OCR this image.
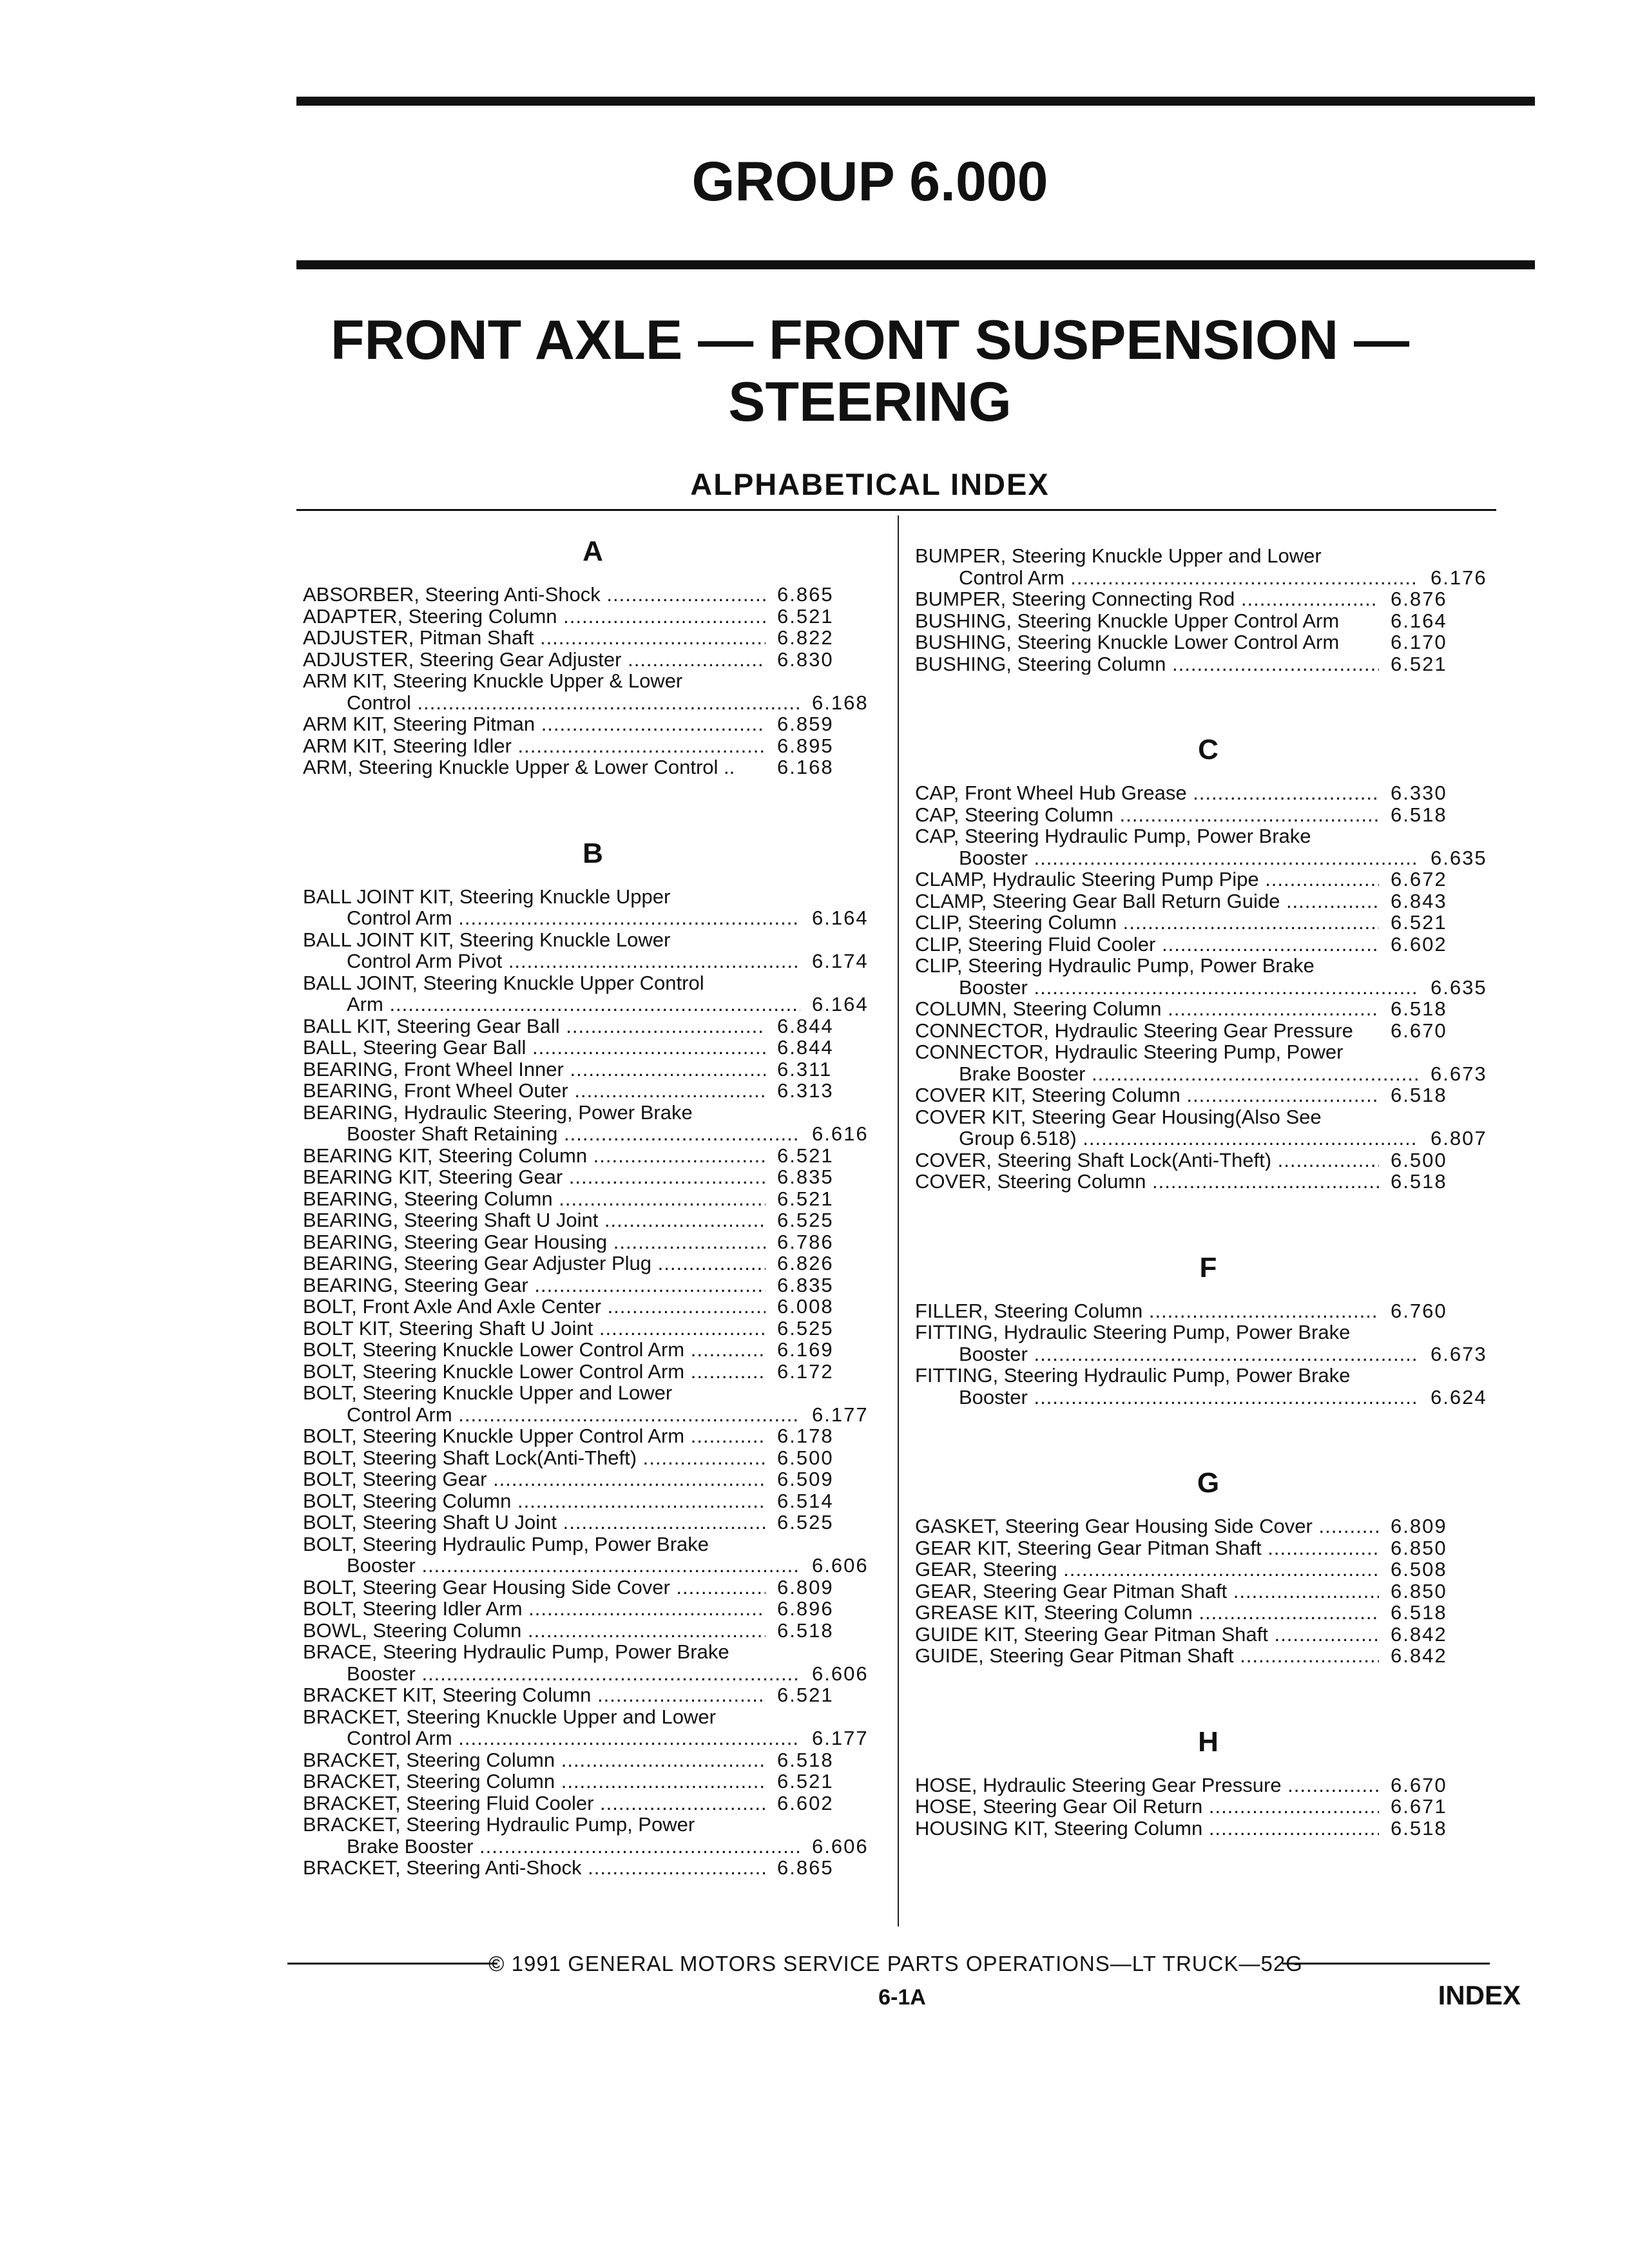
GROUP 6.000
FRONT AXLE — FRONT SUSPENSION —
STEERING
ALPHABETICAL INDEX
A
ABSORBER, Steering Anti-Shock .....	6.865
ADAPTER, Steering Column .....	6.521
ADJUSTER, Pitman Shaft .....	6.822
ADJUSTER, Steering Gear Adjuster .....	6.830
ARM KIT, Steering Knuckle Upper & Lower
Control .....	6.168
ARM KIT, Steering Pitman .....	6.859
ARM KIT, Steering Idler .....	6.895
ARM, Steering Knuckle Upper & Lower Control ..	6.168
B
BALL JOINT KIT, Steering Knuckle Upper
Control Arm .....	6.164
BALL JOINT KIT, Steering Knuckle Lower
Control Arm Pivot .....	6.174
BALL JOINT, Steering Knuckle Upper Control
Arm .....	6.164
BALL KIT, Steering Gear Ball .....	6.844
BALL, Steering Gear Ball .....	6.844
BEARING, Front Wheel Inner .....	6.311
BEARING, Front Wheel Outer .....	6.313
BEARING, Hydraulic Steering, Power Brake
Booster Shaft Retaining .....	6.616
BEARING KIT, Steering Column .....	6.521
BEARING KIT, Steering Gear .....	6.835
BEARING, Steering Column .....	6.521
BEARING, Steering Shaft U Joint .....	6.525
BEARING, Steering Gear Housing .....	6.786
BEARING, Steering Gear Adjuster Plug .....	6.826
BEARING, Steering Gear .....	6.835
BOLT, Front Axle And Axle Center .....	6.008
BOLT KIT, Steering Shaft U Joint .....	6.525
BOLT, Steering Knuckle Lower Control Arm .....	6.169
BOLT, Steering Knuckle Lower Control Arm .....	6.172
BOLT, Steering Knuckle Upper and Lower
Control Arm .....	6.177
BOLT, Steering Knuckle Upper Control Arm .....	6.178
BOLT, Steering Shaft Lock(Anti-Theft) .....	6.500
BOLT, Steering Gear .....	6.509
BOLT, Steering Column .....	6.514
BOLT, Steering Shaft U Joint .....	6.525
BOLT, Steering Hydraulic Pump, Power Brake
Booster .....	6.606
BOLT, Steering Gear Housing Side Cover .....	6.809
BOLT, Steering Idler Arm .....	6.896
BOWL, Steering Column .....	6.518
BRACE, Steering Hydraulic Pump, Power Brake
Booster .....	6.606
BRACKET KIT, Steering Column .....	6.521
BRACKET, Steering Knuckle Upper and Lower
Control Arm .....	6.177
BRACKET, Steering Column .....	6.518
BRACKET, Steering Column .....	6.521
BRACKET, Steering Fluid Cooler .....	6.602
BRACKET, Steering Hydraulic Pump, Power
Brake Booster .....	6.606
BRACKET, Steering Anti-Shock .....	6.865
BUMPER, Steering Knuckle Upper and Lower
Control Arm .....	6.176
BUMPER, Steering Connecting Rod .....	6.876
BUSHING, Steering Knuckle Upper Control Arm	6.164
BUSHING, Steering Knuckle Lower Control Arm	6.170
BUSHING, Steering Column .....	6.521
C
CAP, Front Wheel Hub Grease .....	6.330
CAP, Steering Column .....	6.518
CAP, Steering Hydraulic Pump, Power Brake
Booster .....	6.635
CLAMP, Hydraulic Steering Pump Pipe .....	6.672
CLAMP, Steering Gear Ball Return Guide .....	6.843
CLIP, Steering Column .....	6.521
CLIP, Steering Fluid Cooler .....	6.602
CLIP, Steering Hydraulic Pump, Power Brake
Booster .....	6.635
COLUMN, Steering Column .....	6.518
CONNECTOR, Hydraulic Steering Gear Pressure	6.670
CONNECTOR, Hydraulic Steering Pump, Power
Brake Booster .....	6.673
COVER KIT, Steering Column .....	6.518
COVER KIT, Steering Gear Housing(Also See
Group 6.518) .....	6.807
COVER, Steering Shaft Lock(Anti-Theft) .....	6.500
COVER, Steering Column .....	6.518
F
FILLER, Steering Column .....	6.760
FITTING, Hydraulic Steering Pump, Power Brake
Booster .....	6.673
FITTING, Steering Hydraulic Pump, Power Brake
Booster .....	6.624
G
GASKET, Steering Gear Housing Side Cover .....	6.809
GEAR KIT, Steering Gear Pitman Shaft .....	6.850
GEAR, Steering .....	6.508
GEAR, Steering Gear Pitman Shaft .....	6.850
GREASE KIT, Steering Column .....	6.518
GUIDE KIT, Steering Gear Pitman Shaft .....	6.842
GUIDE, Steering Gear Pitman Shaft .....	6.842
H
HOSE, Hydraulic Steering Gear Pressure .....	6.670
HOSE, Steering Gear Oil Return .....	6.671
HOUSING KIT, Steering Column .....	6.518
© 1991 GENERAL MOTORS SERVICE PARTS OPERATIONS—LT TRUCK—52G
6-1A	INDEX
